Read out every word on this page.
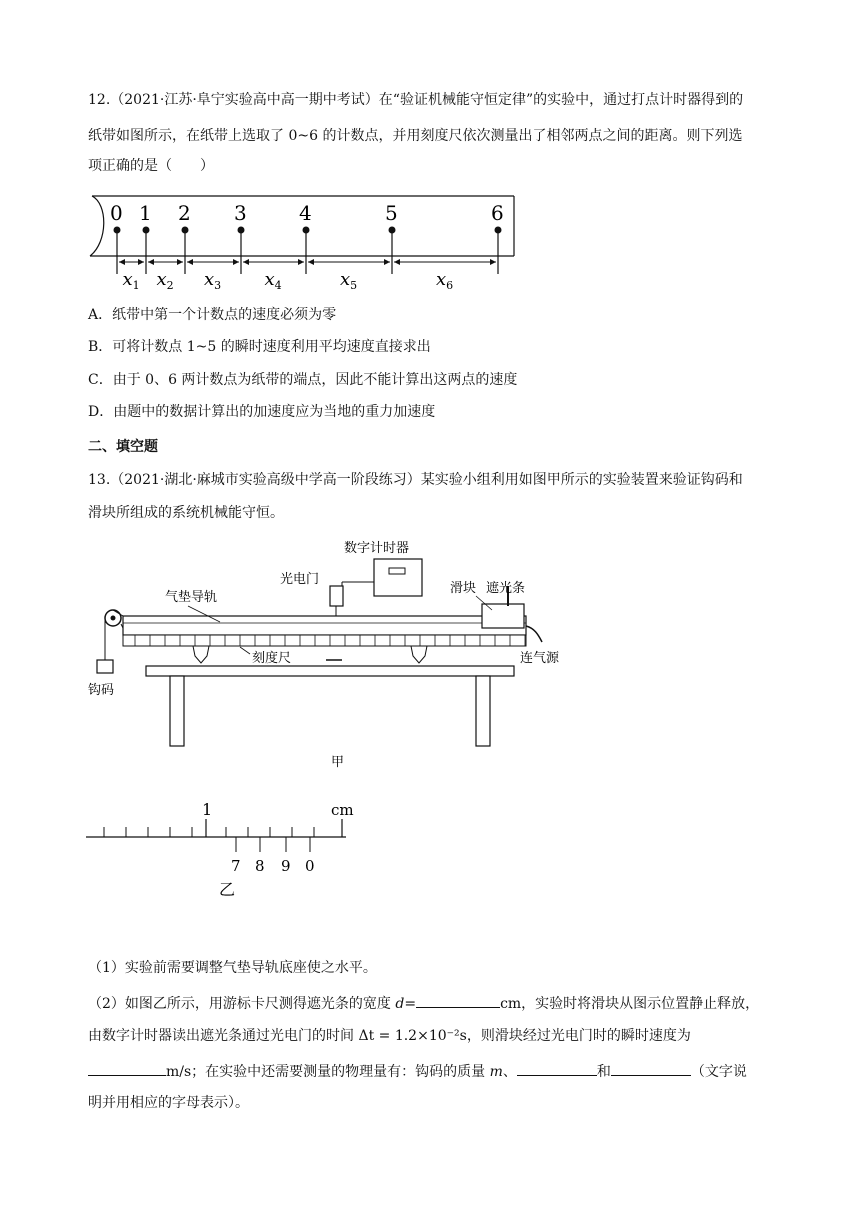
12.（2021·江苏·阜宁实验高中高一期中考试）在“验证机械能守恒定律”的实验中，通过打点计时器得到的
纸带如图所示，在纸带上选取了 0~6 的计数点，并用刻度尺依次测量出了相邻两点之间的距离。则下列选
项正确的是（　　）
0 1 2 3	4	5	6
$x_1$ $x_2$ $x_3$ $x_4$	$x_5$	$x_6$
A．纸带中第一个计数点的速度必须为零
B．可将计数点 1~5 的瞬时速度利用平均速度直接求出
C．由于 0、6 两计数点为纸带的端点，因此不能计算出这两点的速度
D．由题中的数据计算出的加速度应为当地的重力加速度
二、填空题
13.（2021·湖北·麻城市实验高级中学高一阶段练习）某实验小组利用如图甲所示的实验装置来验证钩码和
滑块所组成的系统机械能守恒。
数字计时器
光电门
气垫导轨
滑块 遮光条
连气源
刻度尺
钩码
甲
7 8 9 0
1	cm
乙
（1）实验前需要调整气垫导轨底座使之水平。
（2）如图乙所示，用游标卡尺测得遮光条的宽度 d=	cm，实验时将滑块从图示位置静止释放，
由数字计时器读出遮光条通过光电门的时间 Δt = 1.2×10⁻²s，则滑块经过光电门时的瞬时速度为
m/s；在实验中还需要测量的物理量有：钩码的质量 m、	和	（文字说
明并用相应的字母表示）。
